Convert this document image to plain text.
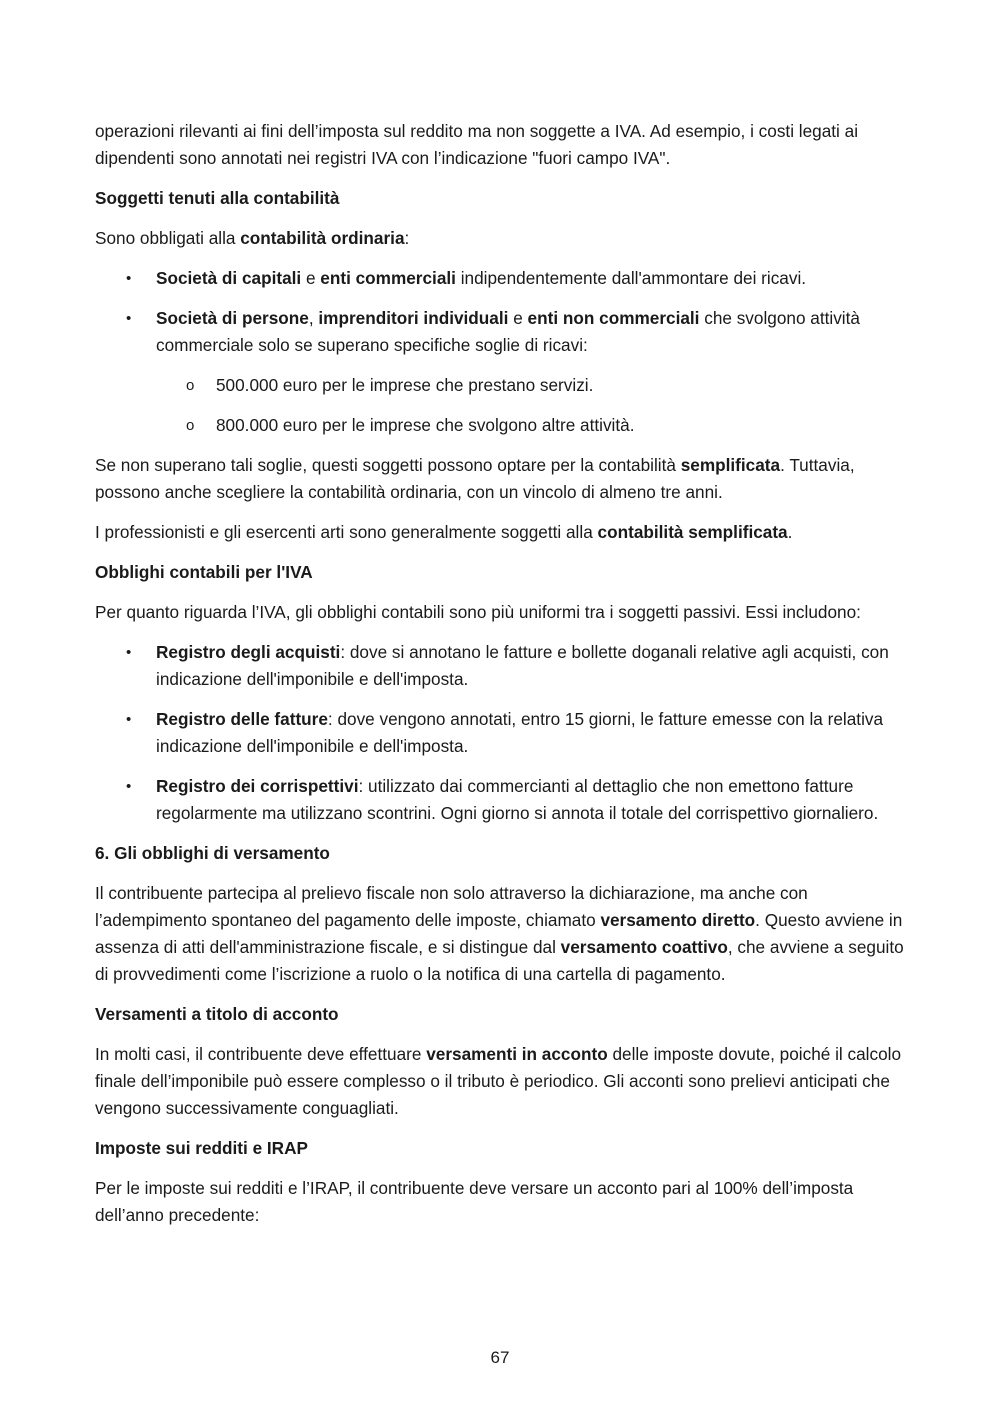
operazioni rilevanti ai fini dell’imposta sul reddito ma non soggette a IVA. Ad esempio, i costi legati ai dipendenti sono annotati nei registri IVA con l’indicazione "fuori campo IVA".

Soggetti tenuti alla contabilità

Sono obbligati alla contabilità ordinaria:

• Società di capitali e enti commerciali indipendentemente dall'ammontare dei ricavi.
• Società di persone, imprenditori individuali e enti non commerciali che svolgono attività commerciale solo se superano specifiche soglie di ricavi:
o 500.000 euro per le imprese che prestano servizi.
o 800.000 euro per le imprese che svolgono altre attività.

Se non superano tali soglie, questi soggetti possono optare per la contabilità semplificata. Tuttavia, possono anche scegliere la contabilità ordinaria, con un vincolo di almeno tre anni.

I professionisti e gli esercenti arti sono generalmente soggetti alla contabilità semplificata.

Obblighi contabili per l'IVA

Per quanto riguarda l’IVA, gli obblighi contabili sono più uniformi tra i soggetti passivi. Essi includono:

• Registro degli acquisti: dove si annotano le fatture e bollette doganali relative agli acquisti, con indicazione dell'imponibile e dell'imposta.
• Registro delle fatture: dove vengono annotati, entro 15 giorni, le fatture emesse con la relativa indicazione dell'imponibile e dell'imposta.
• Registro dei corrispettivi: utilizzato dai commercianti al dettaglio che non emettono fatture regolarmente ma utilizzano scontrini. Ogni giorno si annota il totale del corrispettivo giornaliero.
6. Gli obblighi di versamento

Il contribuente partecipa al prelievo fiscale non solo attraverso la dichiarazione, ma anche con l’adempimento spontaneo del pagamento delle imposte, chiamato versamento diretto. Questo avviene in assenza di atti dell'amministrazione fiscale, e si distingue dal versamento coattivo, che avviene a seguito di provvedimenti come l’iscrizione a ruolo o la notifica di una cartella di pagamento.

Versamenti a titolo di acconto

In molti casi, il contribuente deve effettuare versamenti in acconto delle imposte dovute, poiché il calcolo finale dell’imponibile può essere complesso o il tributo è periodico. Gli acconti sono prelievi anticipati che vengono successivamente conguagliati.

Imposte sui redditi e IRAP

Per le imposte sui redditi e l’IRAP, il contribuente deve versare un acconto pari al 100% dell’imposta dell’anno precedente:

67
